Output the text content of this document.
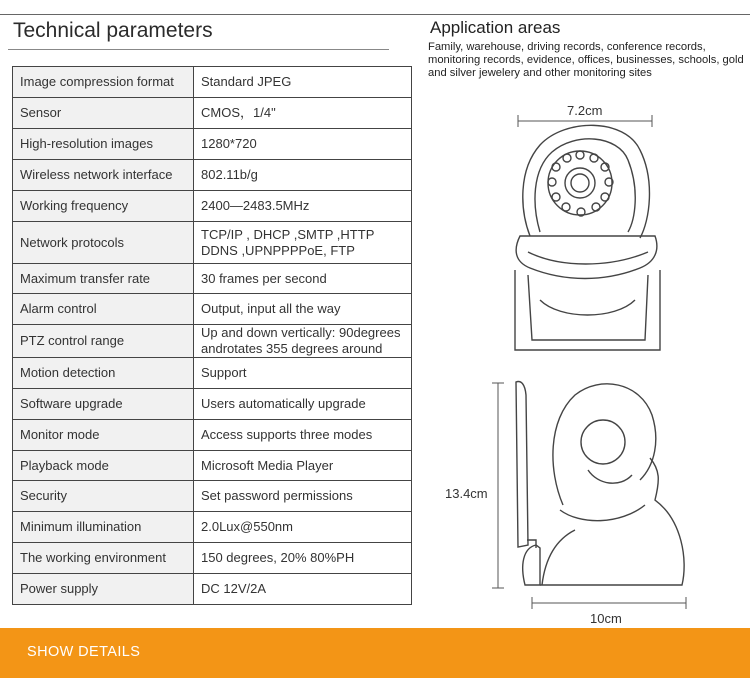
Technical parameters
Image compression format	Standard JPEG

Sensor	CMOS，1/4"

High-resolution images	1280*720

Wireless network interface	802.11b/g

Working frequency	2400—2483.5MHz

Network protocols	TCP/IP , DHCP ,SMTP ,HTTP
DDNS ,UPNPPPPoE, FTP

Maximum transfer rate	30 frames per second

Alarm control	Output, input all the way

PTZ control range	Up and down vertically: 90degrees
androtates 355 degrees around

Motion detection	Support

Software upgrade	Users automatically upgrade

Monitor mode	Access supports three modes

Playback mode	Microsoft Media Player

Security	Set password permissions

Minimum illumination	2.0Lux@550nm

The working environment	150 degrees, 20% 80%PH

Power supply	DC 12V/2A
Application areas
Family, warehouse, driving records, conference records, monitoring records, evidence, offices, businesses, schools, gold and silver jewelery and other monitoring sites
7.2cm
13.4cm
10cm
SHOW DETAILS
